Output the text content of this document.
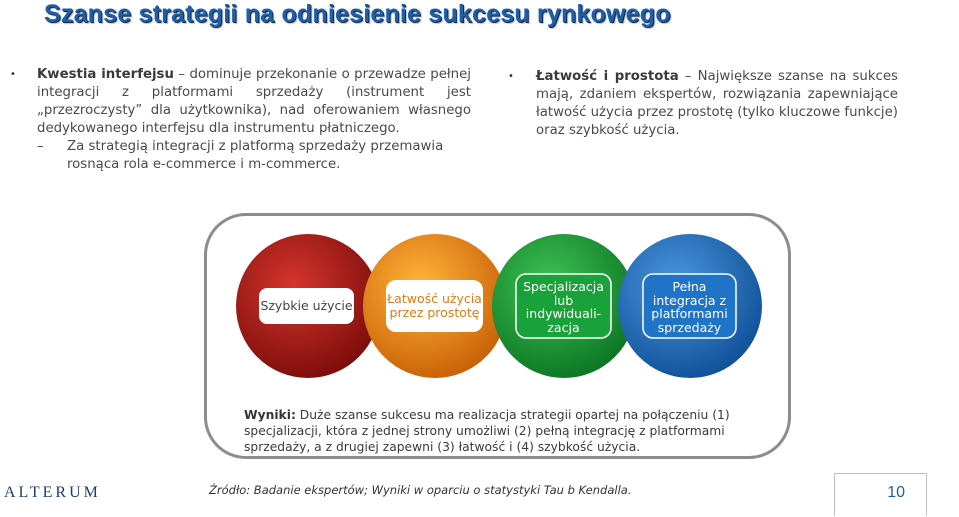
Szanse strategii na odniesienie sukcesu rynkowego
• Kwestia interfejsu – dominuje przekonanie o przewadze pełnej integracji z platformami sprzedaży (instrument jest „przezroczysty” dla użytkownika), nad oferowaniem własnego dedykowanego interfejsu dla instrumentu płatniczego.
– Za strategią integracji z platformą sprzedaży przemawia rosnąca rola e-commerce i m-commerce.
• Łatwość i prostota – Największe szanse na sukces mają, zdaniem ekspertów, rozwiązania zapewniające łatwość użycia przez prostotę (tylko kluczowe funkcje) oraz szybkość użycia.
Szybkie użycie	Łatwość użycia przez prostotę
Specjalizacja lub indywiduali-zacja
Pełna integracja z platformami sprzedaży
Wyniki: Duże szanse sukcesu ma realizacja strategii opartej na połączeniu (1) specjalizacji, która z jednej strony umożliwi (2) pełną integrację z platformami sprzedaży, a z drugiej zapewni (3) łatwość i (4) szybkość użycia.
ALTERUM	Źródło: Badanie ekspertów; Wyniki w oparciu o statystyki Tau b Kendalla.	10
